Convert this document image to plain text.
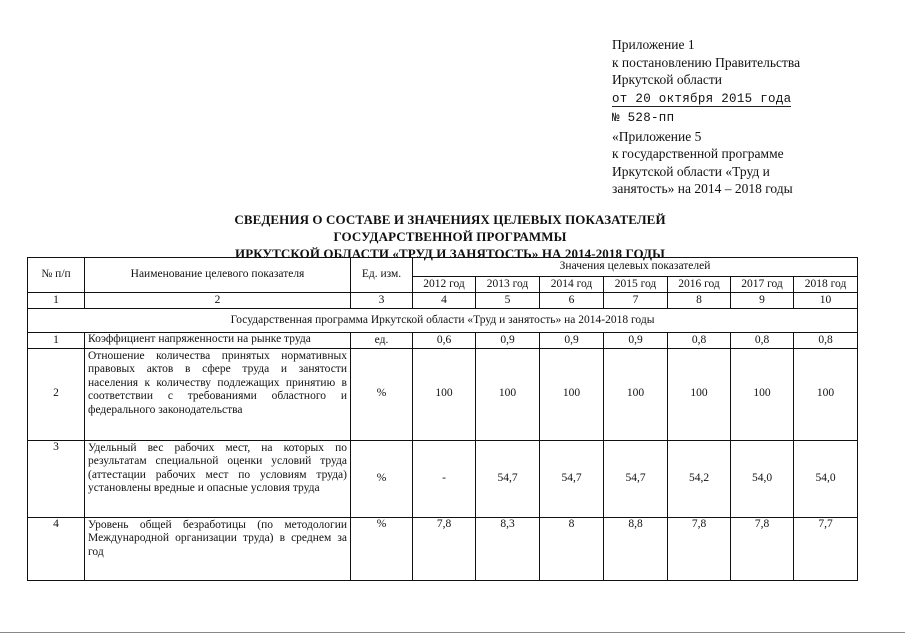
Приложение 1
к постановлению Правительства
Иркутской области
от 20 октября 2015 года
№ 528-пп
«Приложение 5
к государственной программе
Иркутской области «Труд и
занятость» на 2014 – 2018 годы
СВЕДЕНИЯ О СОСТАВЕ И ЗНАЧЕНИЯХ ЦЕЛЕВЫХ ПОКАЗАТЕЛЕЙ ГОСУДАРСТВЕННОЙ ПРОГРАММЫ
ИРКУТСКОЙ ОБЛАСТИ «ТРУД И ЗАНЯТОСТЬ» НА 2014-2018 ГОДЫ
№ п/п	Наименование целевого показателя	Ед. изм.	Значения целевых показателей						
			2012 год	2013 год	2014 год	2015 год	2016 год	2017 год	2018 год
1	2	3	4	5	6	7	8	9	10
Государственная программа Иркутской области «Труд и занятость» на 2014-2018 годы									
1	Коэффициент напряженности на рынке труда	ед.	0,6	0,9	0,9	0,9	0,8	0,8	0,8
2	Отношение количества принятых нормативных правовых актов в сфере труда и занятости населения к количеству подлежащих принятию в соответствии с требованиями областного и федерального законодательства	%	100	100	100	100	100	100	100
3	Удельный вес рабочих мест, на которых по результатам специальной оценки условий труда (аттестации рабочих мест по условиям труда) установлены вредные и опасные условия труда	%	-	54,7	54,7	54,7	54,2	54,0	54,0
4	Уровень общей безработицы (по методологии Международной организации труда) в среднем за год	%	7,8	8,3	8	8,8	7,8	7,8	7,7
